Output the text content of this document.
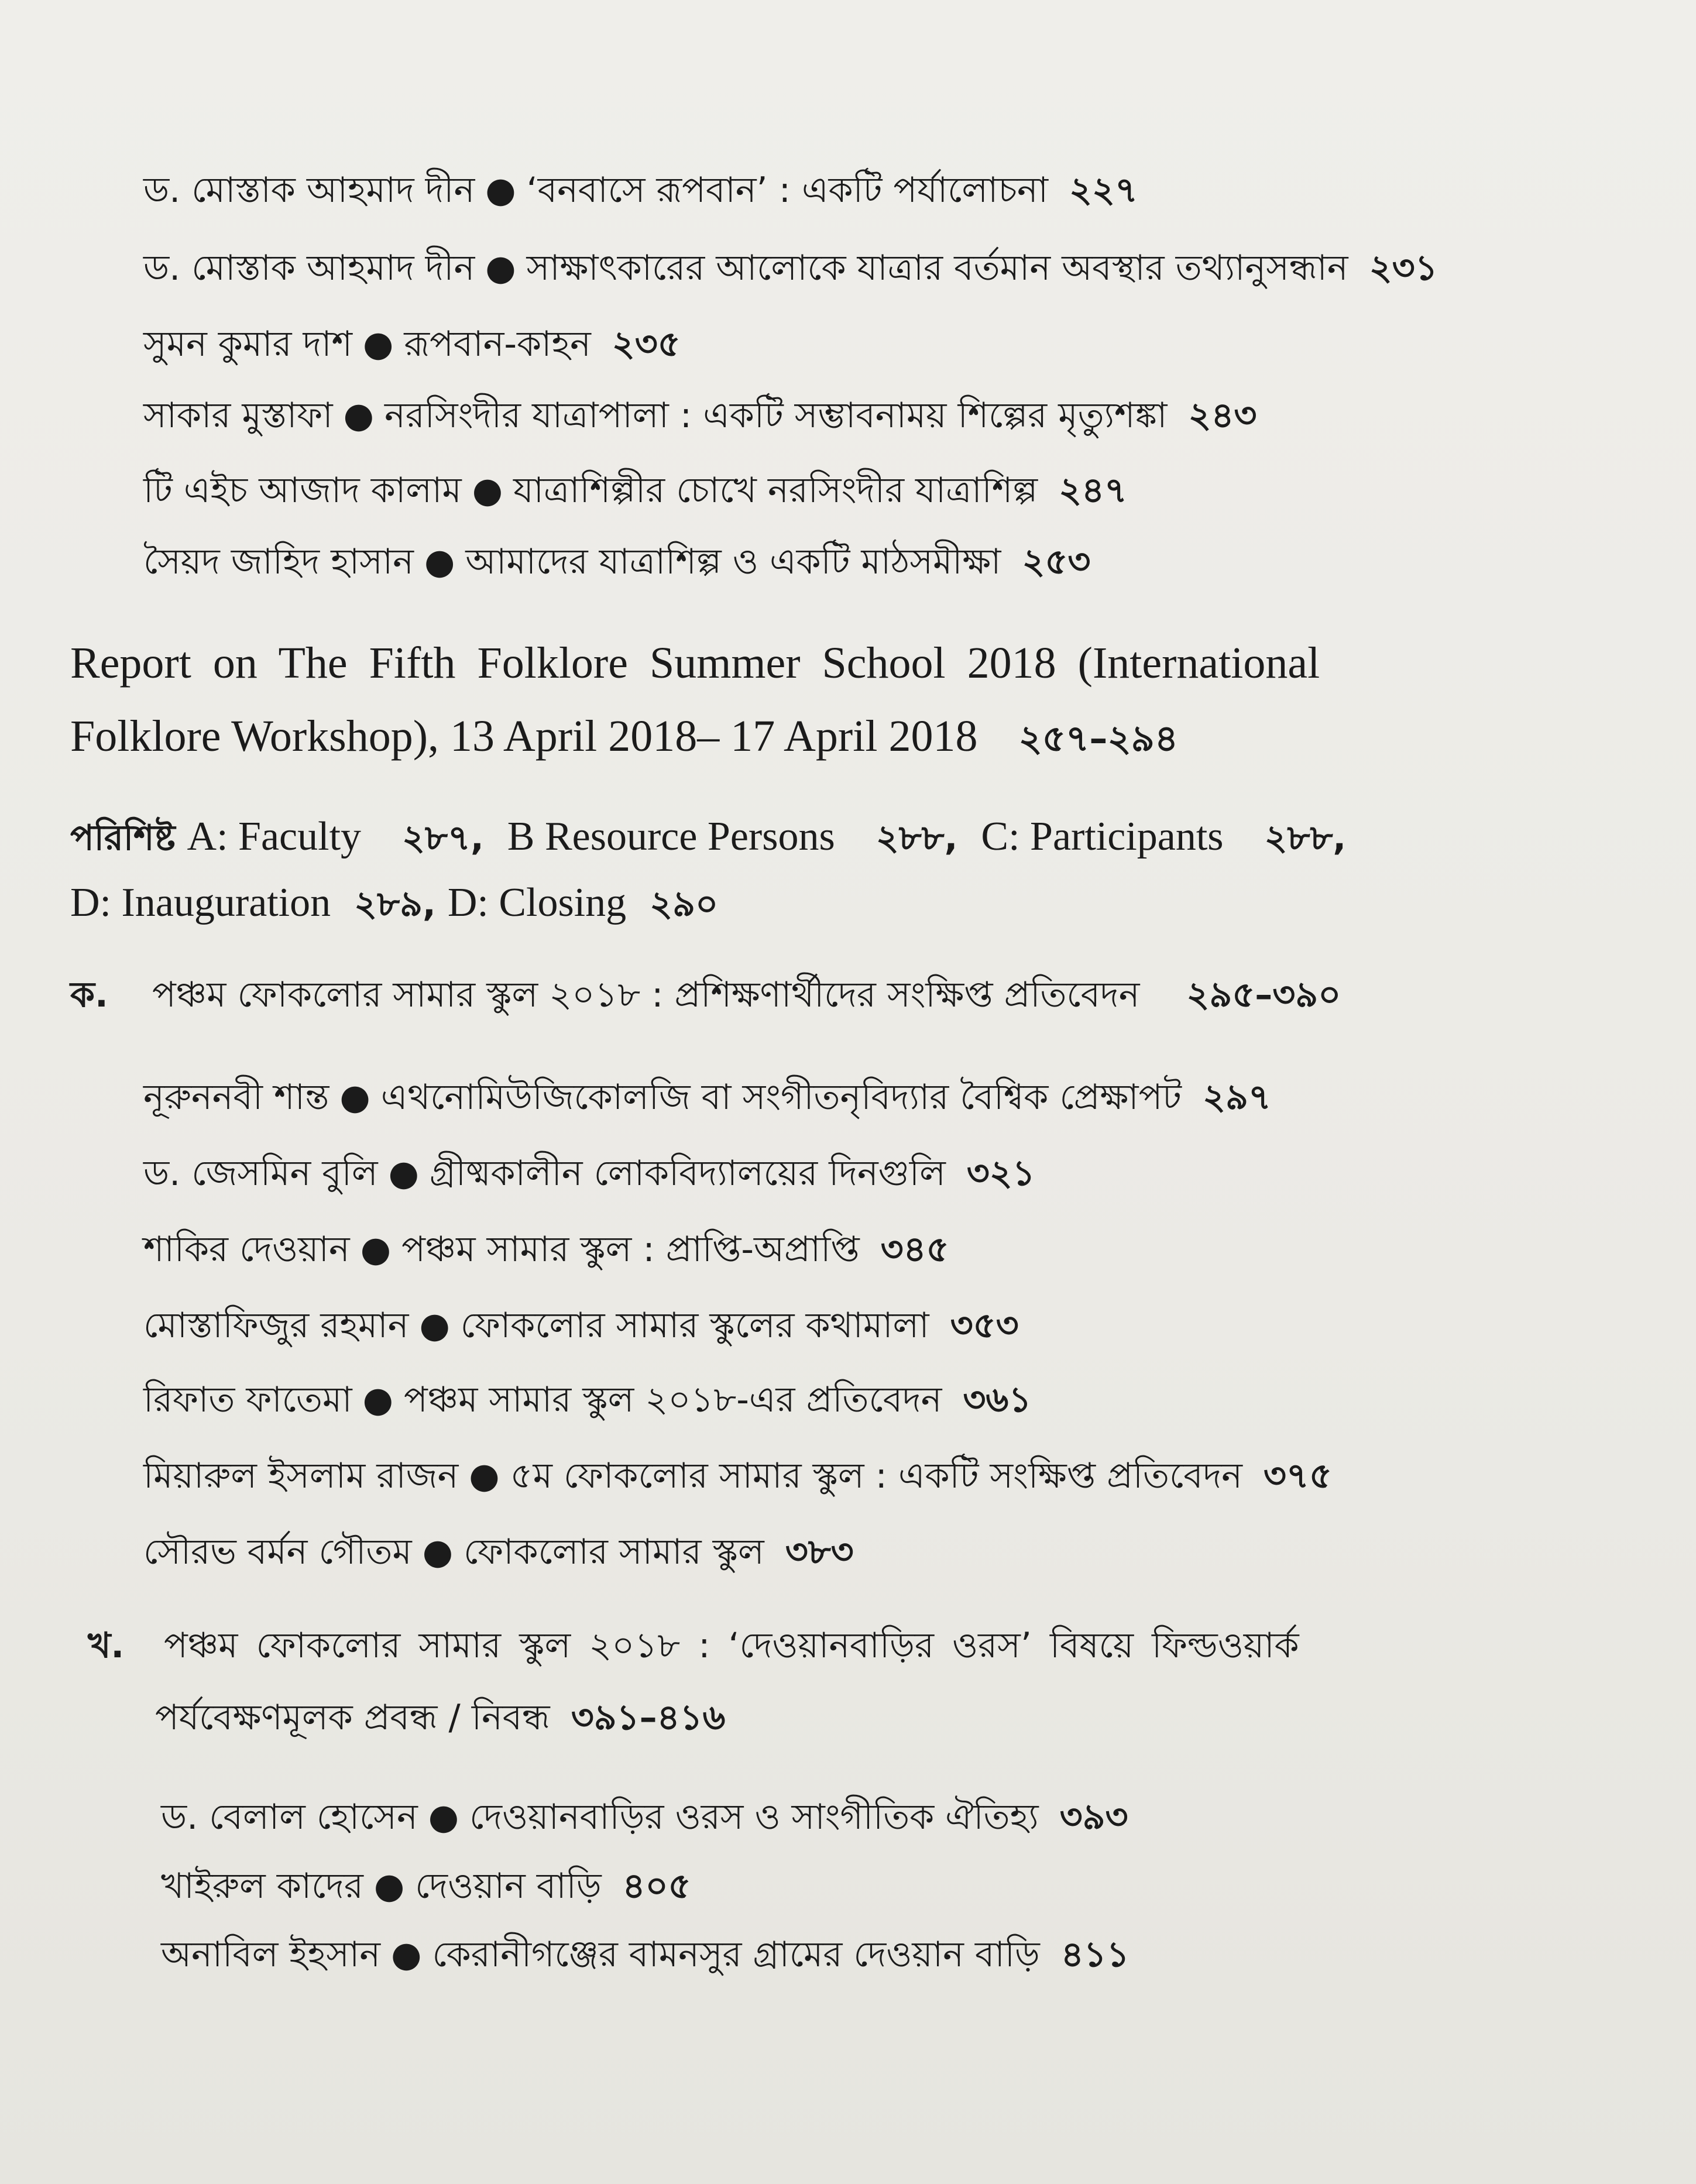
ড. মোস্তাক আহমাদ দীন ● ‘বনবাসে রূপবান’ : একটি পর্যালোচনা ২২৭
ড. মোস্তাক আহমাদ দীন ● সাক্ষাৎকারের আলোকে যাত্রার বর্তমান অবস্থার তথ্যানুসন্ধান ২৩১
সুমন কুমার দাশ ● রূপবান-কাহন ২৩৫
সাকার মুস্তাফা ● নরসিংদীর যাত্রাপালা : একটি সম্ভাবনাময় শিল্পের মৃত্যুশঙ্কা ২৪৩
টি এইচ আজাদ কালাম ● যাত্রাশিল্পীর চোখে নরসিংদীর যাত্রাশিল্প ২৪৭
সৈয়দ জাহিদ হাসান ● আমাদের যাত্রাশিল্প ও একটি মাঠসমীক্ষা ২৫৩
Report on The Fifth Folklore Summer School 2018 (International
Folklore Workshop), 13 April 2018– 17 April 2018 ২৫৭–২৯৪
পরিশিষ্ট A: Faculty ২৮৭, B Resource Persons ২৮৮, C: Participants ২৮৮,
D: Inauguration ২৮৯, D: Closing ২৯০
ক. পঞ্চম ফোকলোর সামার স্কুল ২০১৮ : প্রশিক্ষণার্থীদের সংক্ষিপ্ত প্রতিবেদন ২৯৫–৩৯০
নূরুননবী শান্ত ● এথনোমিউজিকোলজি বা সংগীতনৃবিদ্যার বৈশ্বিক প্রেক্ষাপট ২৯৭
ড. জেসমিন বুলি ● গ্রীষ্মকালীন লোকবিদ্যালয়ের দিনগুলি ৩২১
শাকির দেওয়ান ● পঞ্চম সামার স্কুল : প্রাপ্তি-অপ্রাপ্তি ৩৪৫
মোস্তাফিজুর রহমান ● ফোকলোর সামার স্কুলের কথামালা ৩৫৩
রিফাত ফাতেমা ● পঞ্চম সামার স্কুল ২০১৮-এর প্রতিবেদন ৩৬১
মিয়ারুল ইসলাম রাজন ● ৫ম ফোকলোর সামার স্কুল : একটি সংক্ষিপ্ত প্রতিবেদন ৩৭৫
সৌরভ বর্মন গৌতম ● ফোকলোর সামার স্কুল ৩৮৩
খ. পঞ্চম ফোকলোর সামার স্কুল ২০১৮ : ‘দেওয়ানবাড়ির ওরস’ বিষয়ে ফিল্ডওয়ার্ক
পর্যবেক্ষণমূলক প্রবন্ধ / নিবন্ধ ৩৯১–৪১৬
ড. বেলাল হোসেন ● দেওয়ানবাড়ির ওরস ও সাংগীতিক ঐতিহ্য ৩৯৩
খাইরুল কাদের ● দেওয়ান বাড়ি ৪০৫
অনাবিল ইহসান ● কেরানীগঞ্জের বামনসুর গ্রামের দেওয়ান বাড়ি ৪১১
